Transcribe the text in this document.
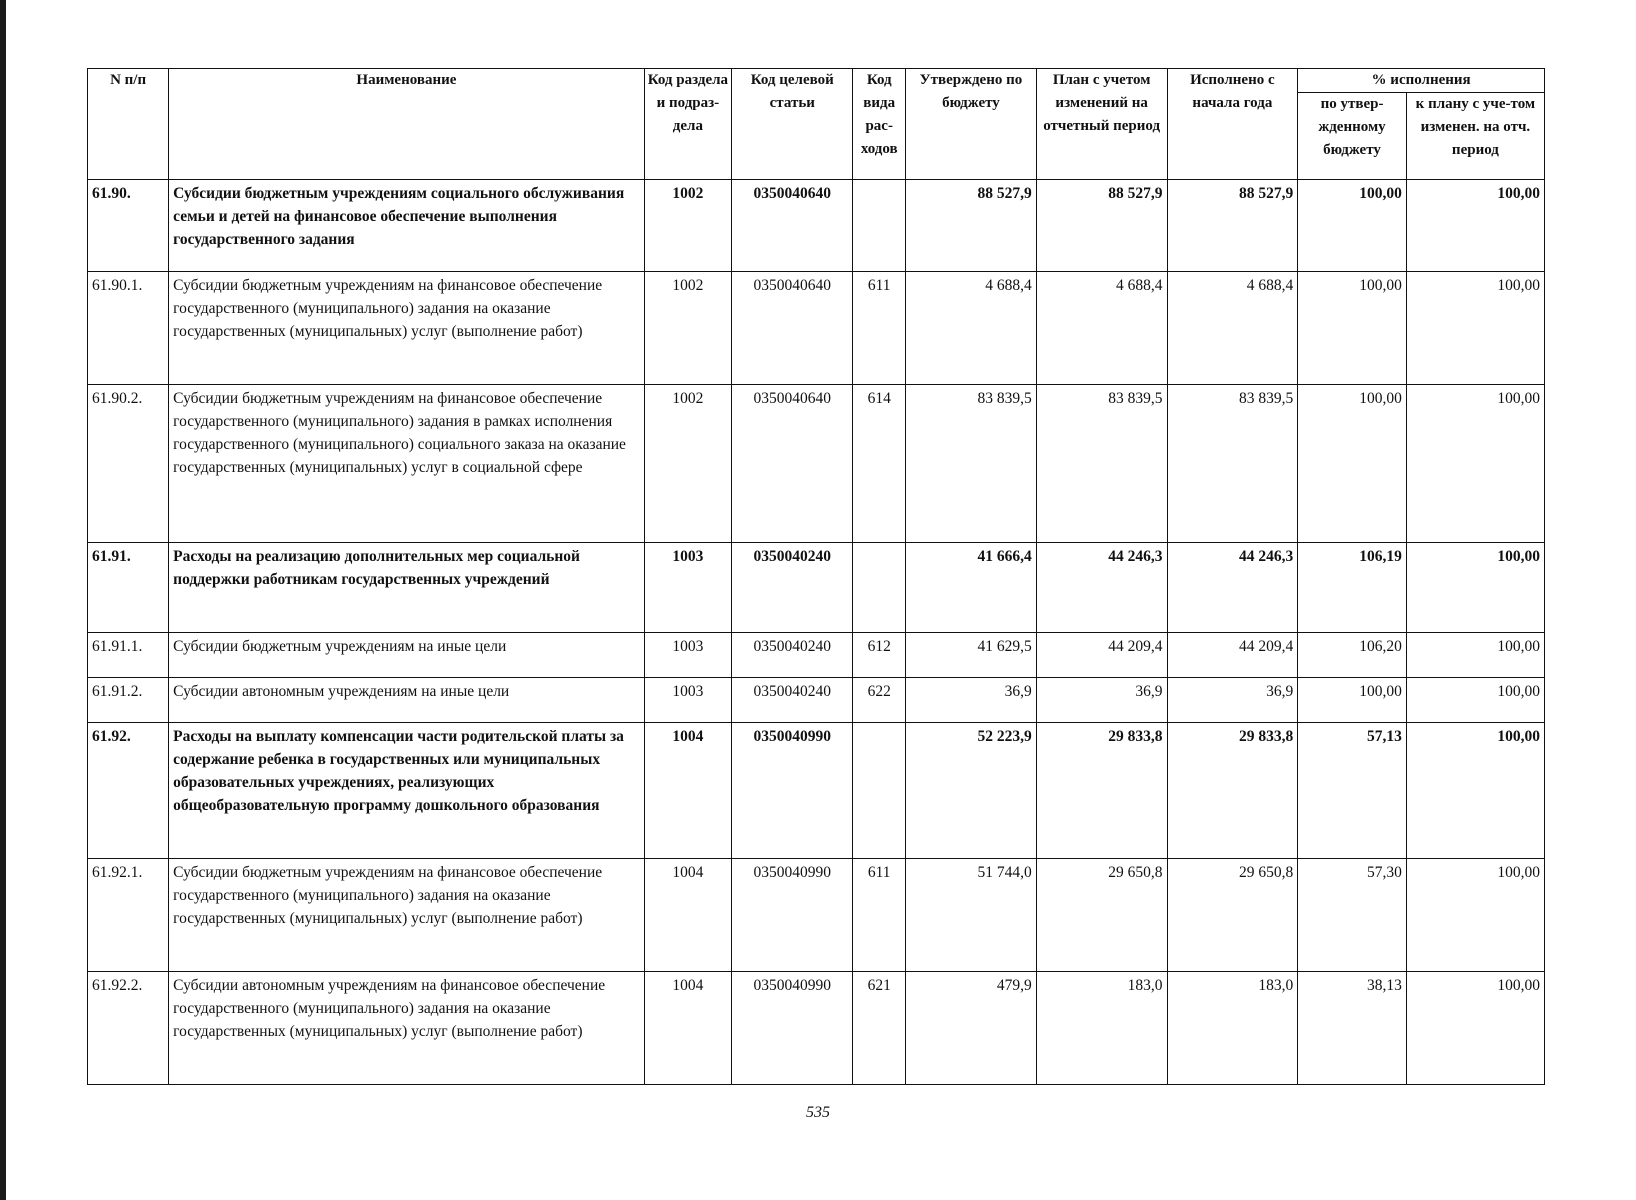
N п/п	Наименование	Код раздела и подраз-дела	Код целевой статьи	Код вида рас-ходов	Утверждено по бюджету	План с учетом изменений на отчетный период	Исполнено с начала года	% исполнения	
								по утвер-жденному бюджету	к плану с уче-том изменен. на отч. период
61.90.	Субсидии бюджетным учреждениям социального обслуживания семьи и детей на финансовое обеспечение выполнения государственного задания	1002	0350040640		88 527,9	88 527,9	88 527,9	100,00	100,00
61.90.1.	Субсидии бюджетным учреждениям на финансовое обеспечение государственного (муниципального) задания на оказание государственных (муниципальных) услуг (выполнение работ)	1002	0350040640	611	4 688,4	4 688,4	4 688,4	100,00	100,00
61.90.2.	Субсидии бюджетным учреждениям на финансовое обеспечение государственного (муниципального) задания в рамках исполнения государственного (муниципального) социального заказа на оказание государственных (муниципальных) услуг в социальной сфере	1002	0350040640	614	83 839,5	83 839,5	83 839,5	100,00	100,00
61.91.	Расходы на реализацию дополнительных мер социальной поддержки работникам государственных учреждений	1003	0350040240		41 666,4	44 246,3	44 246,3	106,19	100,00
61.91.1.	Субсидии бюджетным учреждениям на иные цели	1003	0350040240	612	41 629,5	44 209,4	44 209,4	106,20	100,00
61.91.2.	Субсидии автономным учреждениям на иные цели	1003	0350040240	622	36,9	36,9	36,9	100,00	100,00
61.92.	Расходы на выплату компенсации части родительской платы за содержание ребенка в государственных или муниципальных образовательных учреждениях, реализующих общеобразовательную программу дошкольного образования	1004	0350040990		52 223,9	29 833,8	29 833,8	57,13	100,00
61.92.1.	Субсидии бюджетным учреждениям на финансовое обеспечение государственного (муниципального) задания на оказание государственных (муниципальных) услуг (выполнение работ)	1004	0350040990	611	51 744,0	29 650,8	29 650,8	57,30	100,00
61.92.2.	Субсидии автономным учреждениям на финансовое обеспечение государственного (муниципального) задания на оказание государственных (муниципальных) услуг (выполнение работ)	1004	0350040990	621	479,9	183,0	183,0	38,13	100,00
535
